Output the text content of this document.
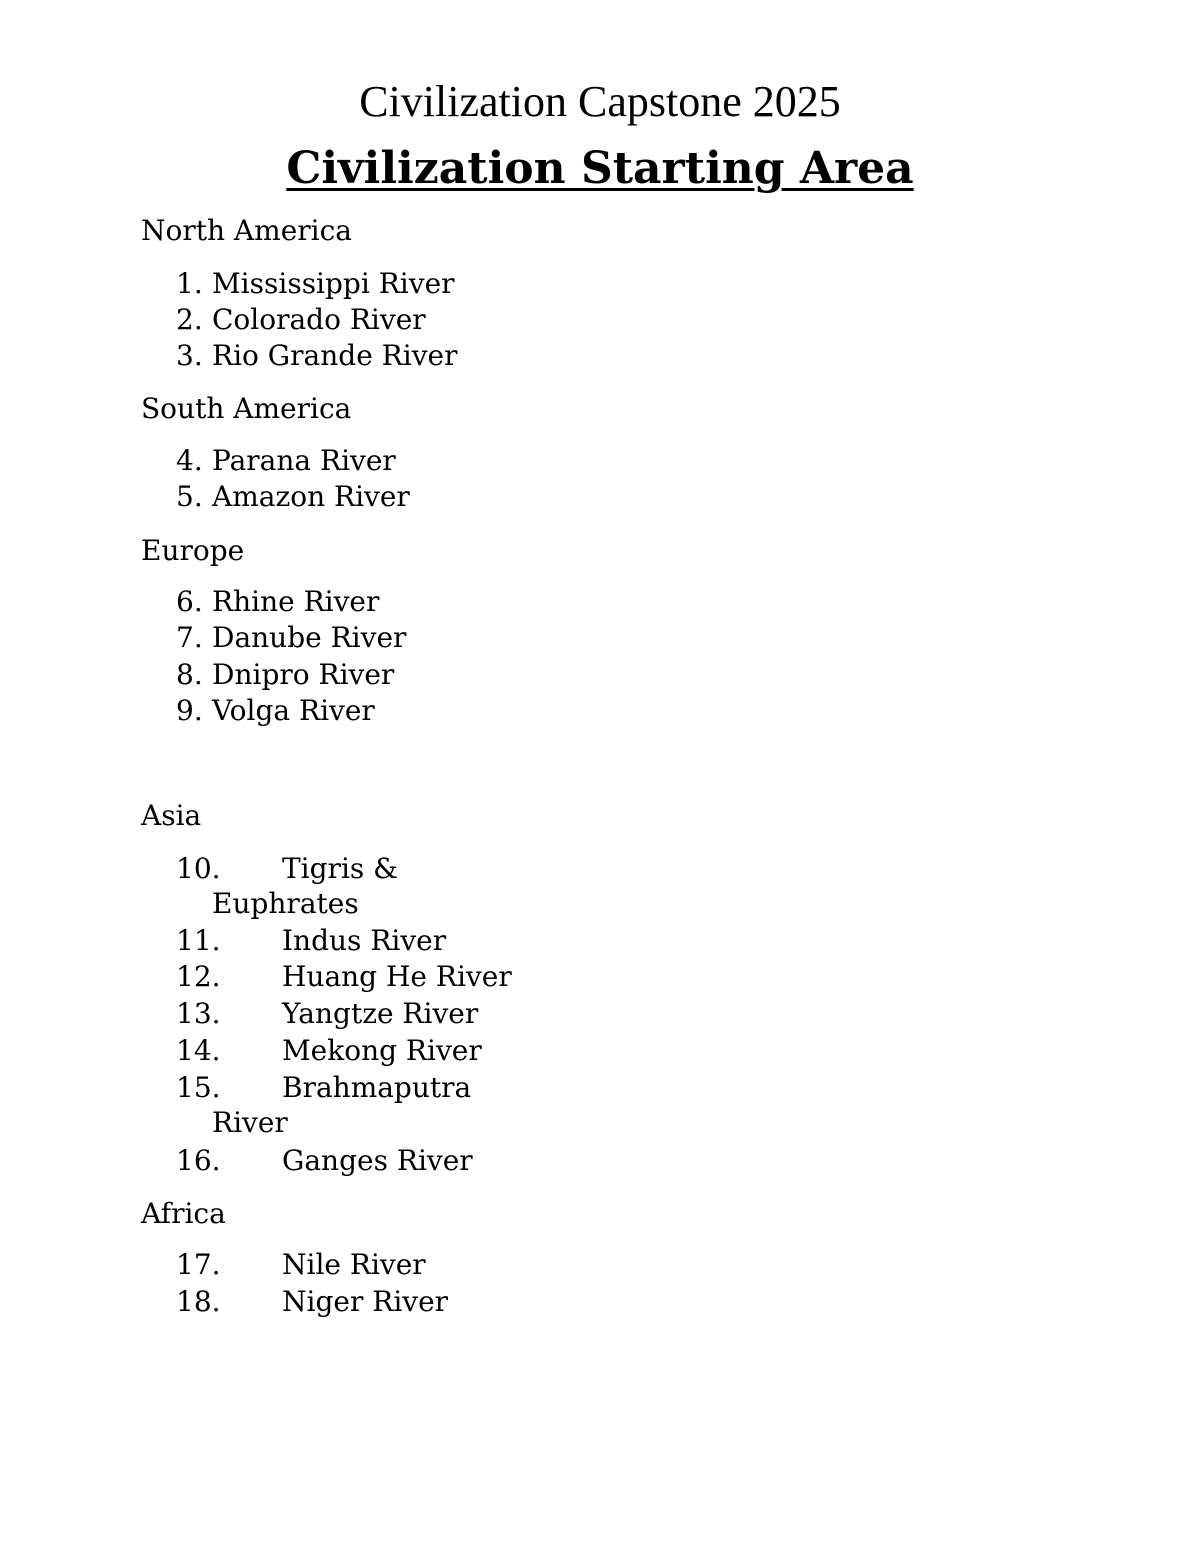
Civilization Capstone 2025
Civilization Starting Area
North America
1. Mississippi River
2. Colorado River
3. Rio Grande River
South America
4. Parana River
5. Amazon River
Europe
6. Rhine River
7. Danube River
8. Dnipro River
9. Volga River
Asia
10. Tigris &
Euphrates
11. Indus River
12. Huang He River
13. Yangtze River
14. Mekong River
15. Brahmaputra
River
16. Ganges River
Africa
17. Nile River
18. Niger River
